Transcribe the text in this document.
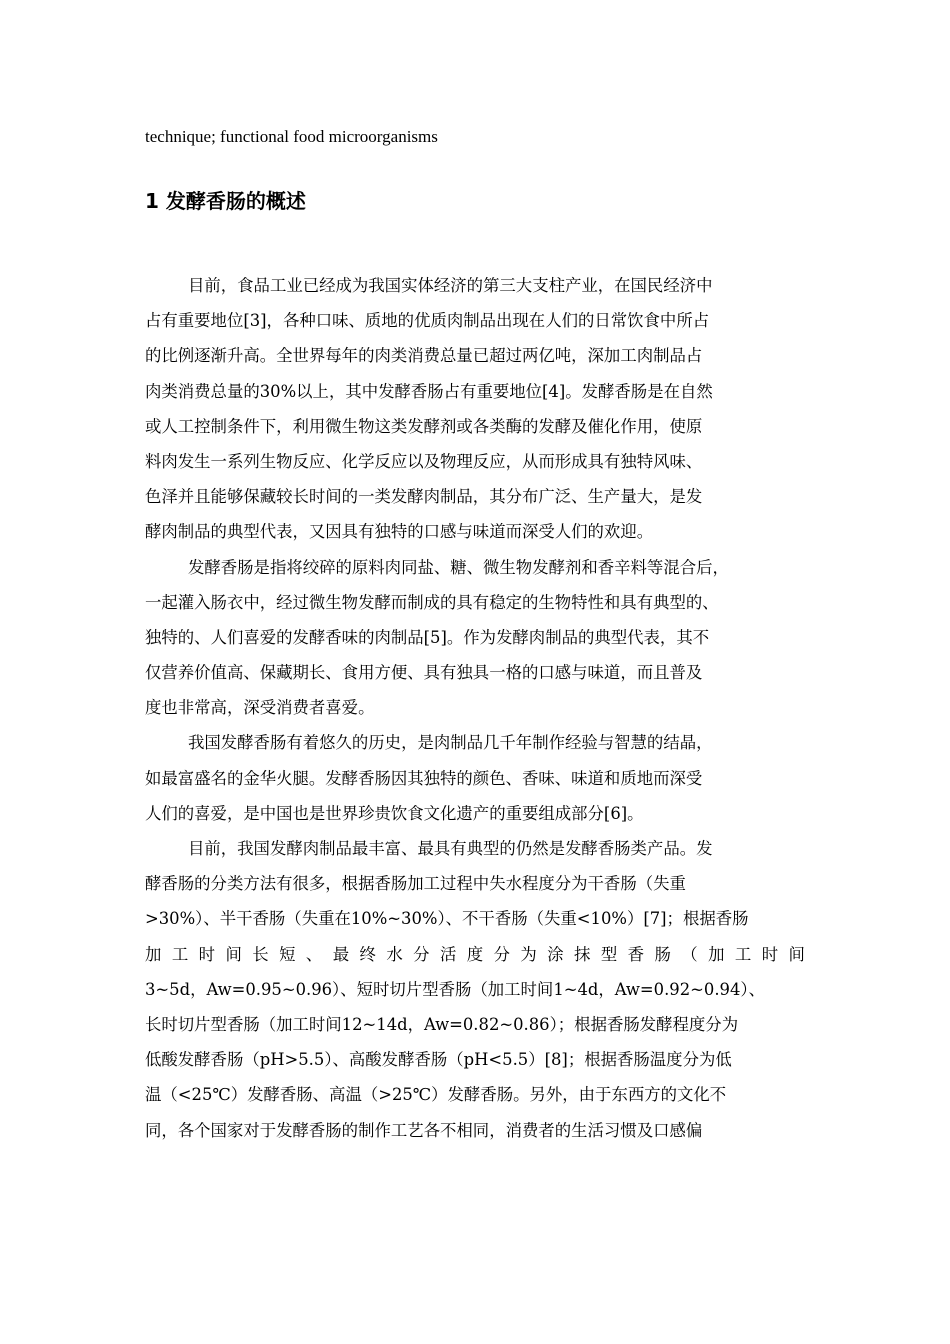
technique; functional food microorganisms
1 发酵香肠的概述
目前，食品工业已经成为我国实体经济的第三大支柱产业，在国民经济中
占有重要地位[3]，各种口味、质地的优质肉制品出现在人们的日常饮食中所占
的比例逐渐升高。全世界每年的肉类消费总量已超过两亿吨，深加工肉制品占
肉类消费总量的30%以上，其中发酵香肠占有重要地位[4]。发酵香肠是在自然
或人工控制条件下，利用微生物这类发酵剂或各类酶的发酵及催化作用，使原
料肉发生一系列生物反应、化学反应以及物理反应，从而形成具有独特风味、
色泽并且能够保藏较长时间的一类发酵肉制品，其分布广泛、生产量大，是发
酵肉制品的典型代表，又因具有独特的口感与味道而深受人们的欢迎。
发酵香肠是指将绞碎的原料肉同盐、糖、微生物发酵剂和香辛料等混合后，
一起灌入肠衣中，经过微生物发酵而制成的具有稳定的生物特性和具有典型的、
独特的、人们喜爱的发酵香味的肉制品[5]。作为发酵肉制品的典型代表，其不
仅营养价值高、保藏期长、食用方便、具有独具一格的口感与味道，而且普及
度也非常高，深受消费者喜爱。
我国发酵香肠有着悠久的历史，是肉制品几千年制作经验与智慧的结晶，
如最富盛名的金华火腿。发酵香肠因其独特的颜色、香味、味道和质地而深受
人们的喜爱，是中国也是世界珍贵饮食文化遗产的重要组成部分[6]。
目前，我国发酵肉制品最丰富、最具有典型的仍然是发酵香肠类产品。发
酵香肠的分类方法有很多，根据香肠加工过程中失水程度分为干香肠（失重
>30%）、半干香肠（失重在10%~30%）、不干香肠（失重<10%）[7]；根据香肠
加 工 时 间 长 短 、 最 终 水 分 活 度 分 为 涂 抹 型 香 肠 （ 加 工 时 间
3~5d，Aw=0.95~0.96）、短时切片型香肠（加工时间1~4d，Aw=0.92~0.94）、
长时切片型香肠（加工时间12~14d，Aw=0.82~0.86）；根据香肠发酵程度分为
低酸发酵香肠（pH>5.5）、高酸发酵香肠（pH<5.5）[8]；根据香肠温度分为低
温（<25℃）发酵香肠、高温（>25℃）发酵香肠。另外，由于东西方的文化不
同，各个国家对于发酵香肠的制作工艺各不相同，消费者的生活习惯及口感偏
